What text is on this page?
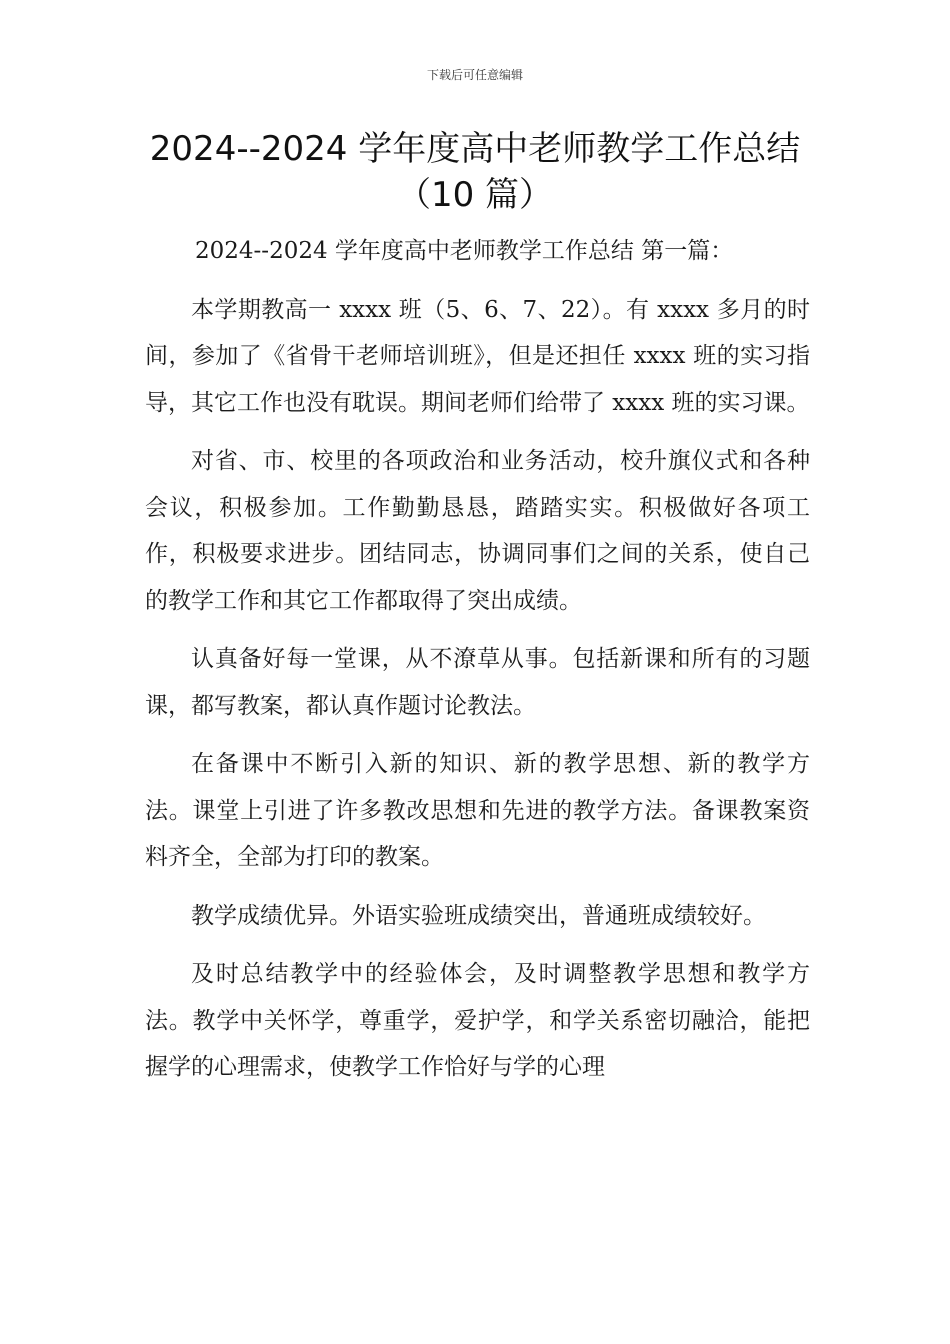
下载后可任意编辑
2024--2024 学年度高中老师教学工作总结（10 篇）

2024--2024 学年度高中老师教学工作总结 第一篇：

本学期教高一 xxxx 班（5、6、7、22）。有 xxxx 多月的时间，参加了《省骨干老师培训班》，但是还担任 xxxx 班的实习指导，其它工作也没有耽误。期间老师们给带了 xxxx 班的实习课。

对省、市、校里的各项政治和业务活动，校升旗仪式和各种会议，积极参加。工作勤勤恳恳，踏踏实实。积极做好各项工作，积极要求进步。团结同志，协调同事们之间的关系，使自己的教学工作和其它工作都取得了突出成绩。

认真备好每一堂课，从不潦草从事。包括新课和所有的习题课，都写教案，都认真作题讨论教法。

在备课中不断引入新的知识、新的教学思想、新的教学方法。课堂上引进了许多教改思想和先进的教学方法。备课教案资料齐全，全部为打印的教案。

教学成绩优异。外语实验班成绩突出，普通班成绩较好。

及时总结教学中的经验体会，及时调整教学思想和教学方法。教学中关怀学，尊重学，爱护学，和学关系密切融洽，能把握学的心理需求，使教学工作恰好与学的心理
